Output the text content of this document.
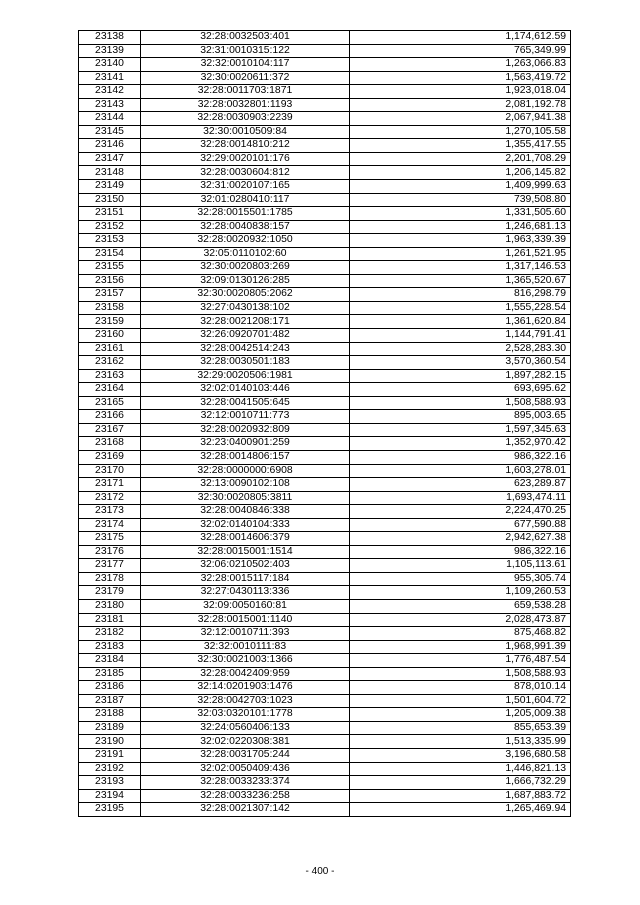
23138	32:28:0032503:401	1,174,612.59
23139	32:31:0010315:122	765,349.99
23140	32:32:0010104:117	1,263,066.83
23141	32:30:0020611:372	1,563,419.72
23142	32:28:0011703:1871	1,923,018.04
23143	32:28:0032801:1193	2,081,192.78
23144	32:28:0030903:2239	2,067,941.38
23145	32:30:0010509:84	1,270,105.58
23146	32:28:0014810:212	1,355,417.55
23147	32:29:0020101:176	2,201,708.29
23148	32:28:0030604:812	1,206,145.82
23149	32:31:0020107:165	1,409,999.63
23150	32:01:0280410:117	739,508.80
23151	32:28:0015501:1785	1,331,505.60
23152	32:28:0040838:157	1,246,681.13
23153	32:28:0020932:1050	1,963,339.39
23154	32:05:0110102:60	1,261,521.95
23155	32:30:0020803:269	1,317,146.53
23156	32:09:0130126:285	1,365,520.67
23157	32:30:0020805:2062	816,298.79
23158	32:27:0430138:102	1,555,228.54
23159	32:28:0021208:171	1,361,620.84
23160	32:26:0920701:482	1,144,791.41
23161	32:28:0042514:243	2,528,283.30
23162	32:28:0030501:183	3,570,360.54
23163	32:29:0020506:1981	1,897,282.15
23164	32:02:0140103:446	693,695.62
23165	32:28:0041505:645	1,508,588.93
23166	32:12:0010711:773	895,003.65
23167	32:28:0020932:809	1,597,345.63
23168	32:23:0400901:259	1,352,970.42
23169	32:28:0014806:157	986,322.16
23170	32:28:0000000:6908	1,603,278.01
23171	32:13:0090102:108	623,289.87
23172	32:30:0020805:3811	1,693,474.11
23173	32:28:0040846:338	2,224,470.25
23174	32:02:0140104:333	677,590.88
23175	32:28:0014606:379	2,942,627.38
23176	32:28:0015001:1514	986,322.16
23177	32:06:0210502:403	1,105,113.61
23178	32:28:0015117:184	955,305.74
23179	32:27:0430113:336	1,109,260.53
23180	32:09:0050160:81	659,538.28
23181	32:28:0015001:1140	2,028,473.87
23182	32:12:0010711:393	875,468.82
23183	32:32:0010111:83	1,968,991.39
23184	32:30:0021003:1366	1,776,487.54
23185	32:28:0042409:959	1,508,588.93
23186	32:14:0201903:1476	878,010.14
23187	32:28:0042703:1023	1,501,604.72
23188	32:03:0320101:1778	1,205,009.38
23189	32:24:0560406:133	855,653.39
23190	32:02:0220308:381	1,513,335.99
23191	32:28:0031705:244	3,196,680.58
23192	32:02:0050409:436	1,446,821.13
23193	32:28:0033233:374	1,666,732.29
23194	32:28:0033236:258	1,687,883.72
23195	32:28:0021307:142	1,265,469.94
- 400 -
